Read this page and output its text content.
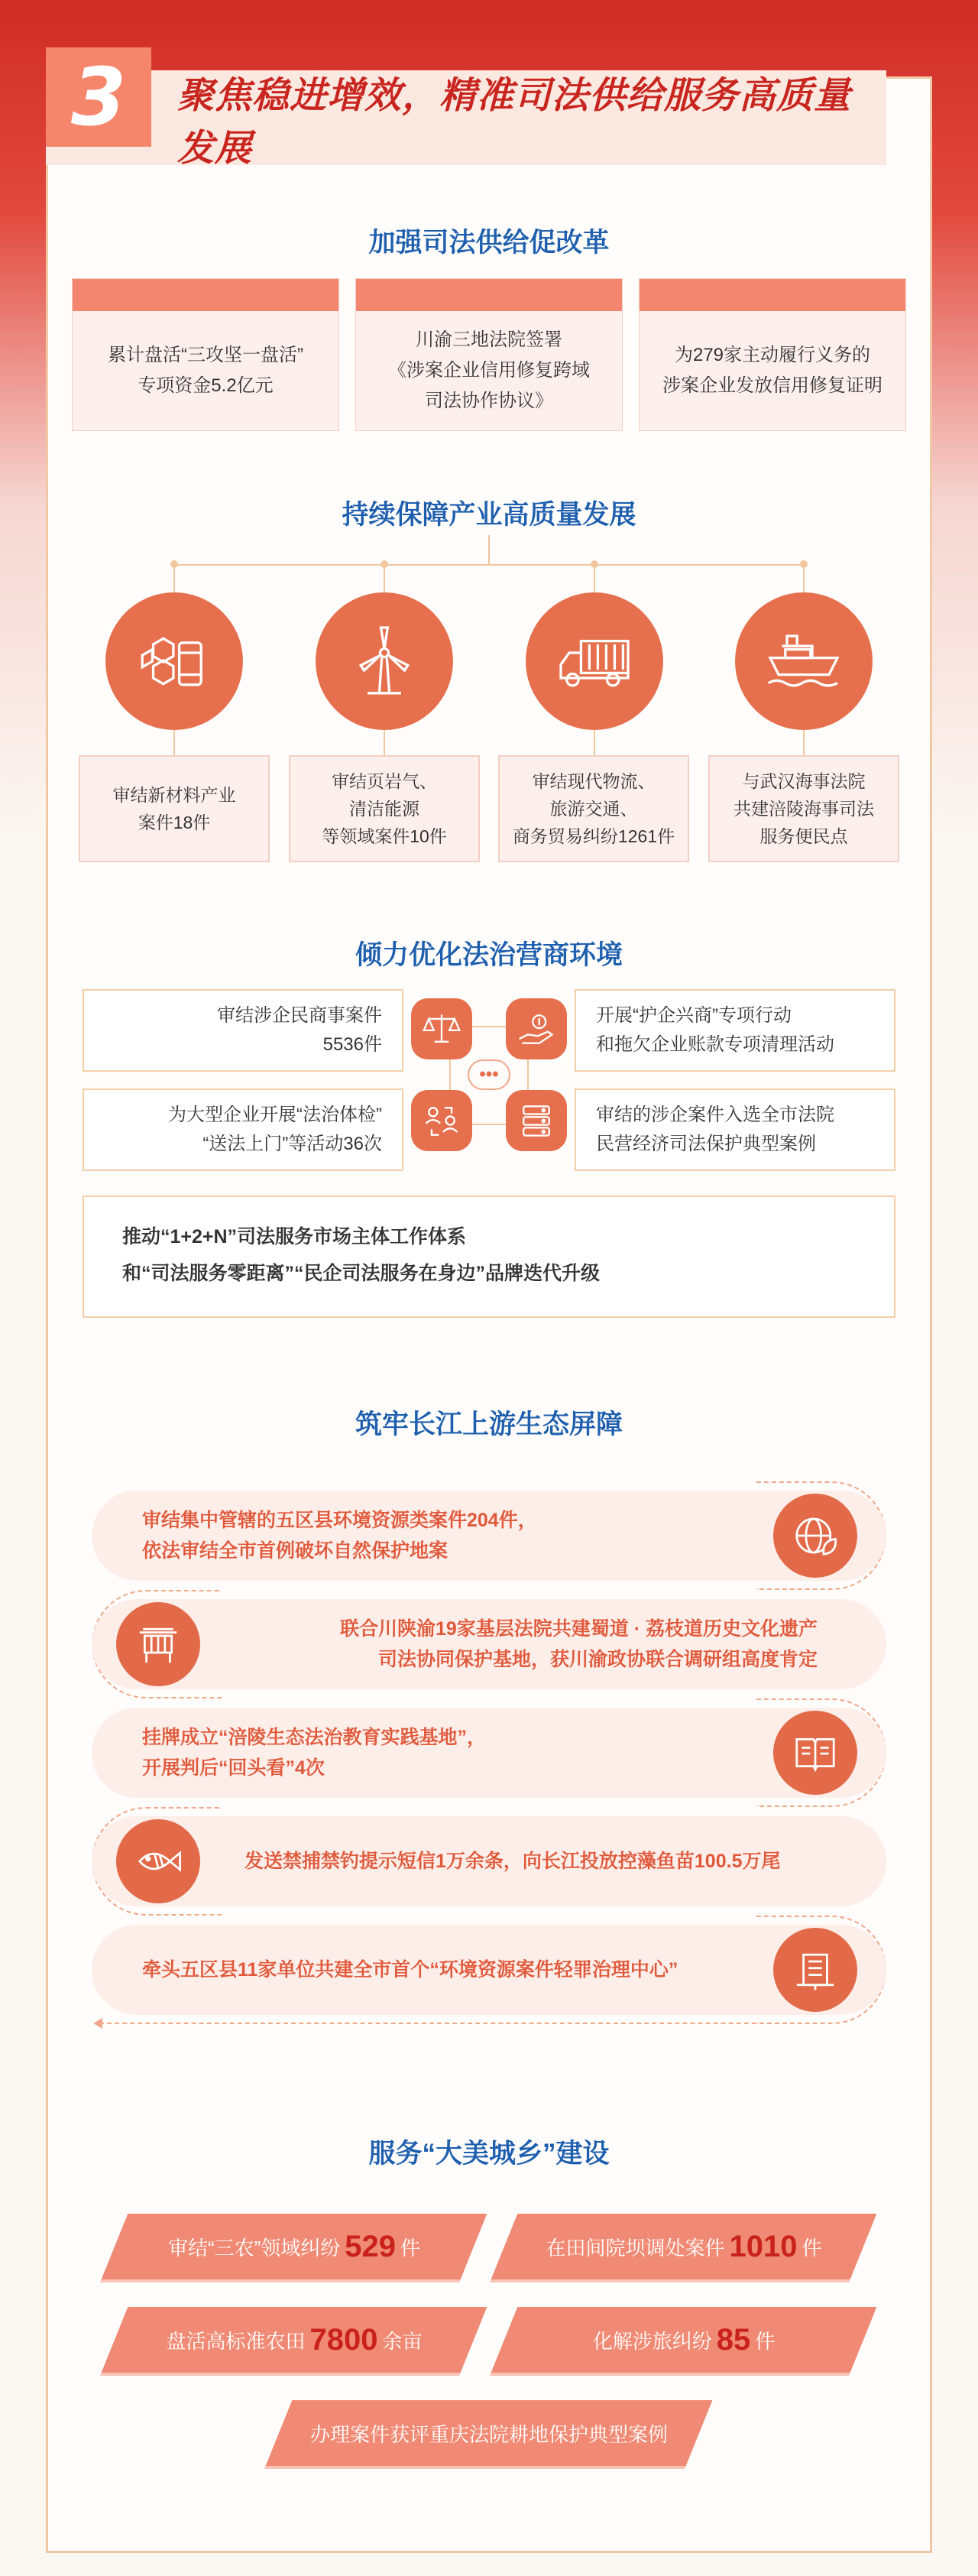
3	聚焦稳进增效，精准司法供给服务高质量发展
加强司法供给促改革
累计盘活“三攻坚一盘活”
专项资金5.2亿元
川渝三地法院签署
《涉案企业信用修复跨域
司法协作协议》
为279家主动履行义务的
涉案企业发放信用修复证明
持续保障产业高质量发展
审结新材料产业
案件18件
审结页岩气、
清洁能源
等领域案件10件
审结现代物流、
旅游交通、
商务贸易纠纷1261件
与武汉海事法院
共建涪陵海事司法
服务便民点
倾力优化法治营商环境
审结涉企民商事案件
5536件
开展“护企兴商”专项行动
和拖欠企业账款专项清理活动
为大型企业开展“法治体检”
“送法上门”等活动36次
审结的涉企案件入选全市法院
民营经济司法保护典型案例
•••
推动“1+2+N”司法服务市场主体工作体系
和“司法服务零距离”“民企司法服务在身边”品牌迭代升级
筑牢长江上游生态屏障
审结集中管辖的五区县环境资源类案件204件，
依法审结全市首例破坏自然保护地案
联合川陕渝19家基层法院共建蜀道 · 荔枝道历史文化遗产
司法协同保护基地，获川渝政协联合调研组高度肯定
挂牌成立“涪陵生态法治教育实践基地”，
开展判后“回头看”4次
发送禁捕禁钓提示短信1万余条，向长江投放控藻鱼苗100.5万尾
牵头五区县11家单位共建全市首个“环境资源案件轻罪治理中心”
服务“大美城乡”建设
审结“三农”领域纠纷 529 件	在田间院坝调处案件 1010 件
盘活高标准农田 7800 余亩	化解涉旅纠纷 85 件
办理案件获评重庆法院耕地保护典型案例
